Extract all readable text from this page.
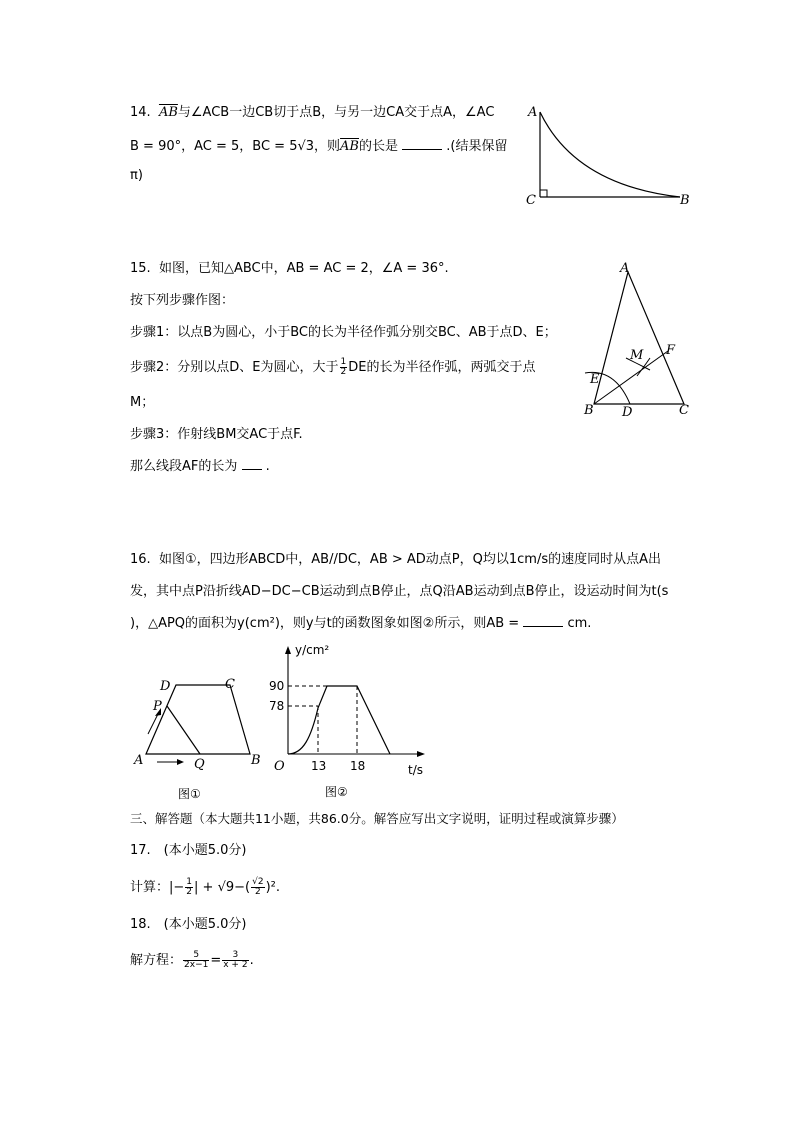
14. $\overline{AB}$与∠ACB一边CB切于点B，与另一边CA交于点A，∠AC
B = 90°，AC = 5，BC = 5√3，则$\overline{AB}$的长是	.(结果保留
π)
A
C	B
15. 如图，已知△ABC中，AB = AC = 2，∠A = 36°.
按下列步骤作图：
步骤1：以点B为圆心，小于BC的长为半径作弧分别交BC、AB于点D、E；
步骤2：分别以点D、E为圆心，大于 $\frac{1}{2}$ DE的长为半径作弧，两弧交于点
M；
步骤3：作射线BM交AC于点F.
那么线段AF的长为 .
A
B	C
D
E
F
M
16. 如图①，四边形ABCD中，AB//DC，AB > AD动点P，Q均以1cm/s的速度同时从点A出
发，其中点P沿折线AD−DC−CB运动到点B停止，点Q沿AB运动到点B停止，设运动时间为t(s
)，△APQ的面积为y(cm²)，则y与t的函数图象如图②所示，则AB =	cm.
A	B
C
D
P
Q
图①
y/cm²
t/s
O
90
78
13 18
图②
三、解答题（本大题共11小题，共86.0分。解答应写出文字说明，证明过程或演算步骤）
17.　(本小题5.0分)
计算：|− $\frac{1}{2}$ | + $√9-( \frac{√2}{2} )^2$.
18.　(本小题5.0分)
解方程： $\frac{5}{2x-1} = \frac{3}{x + 2}$ .
